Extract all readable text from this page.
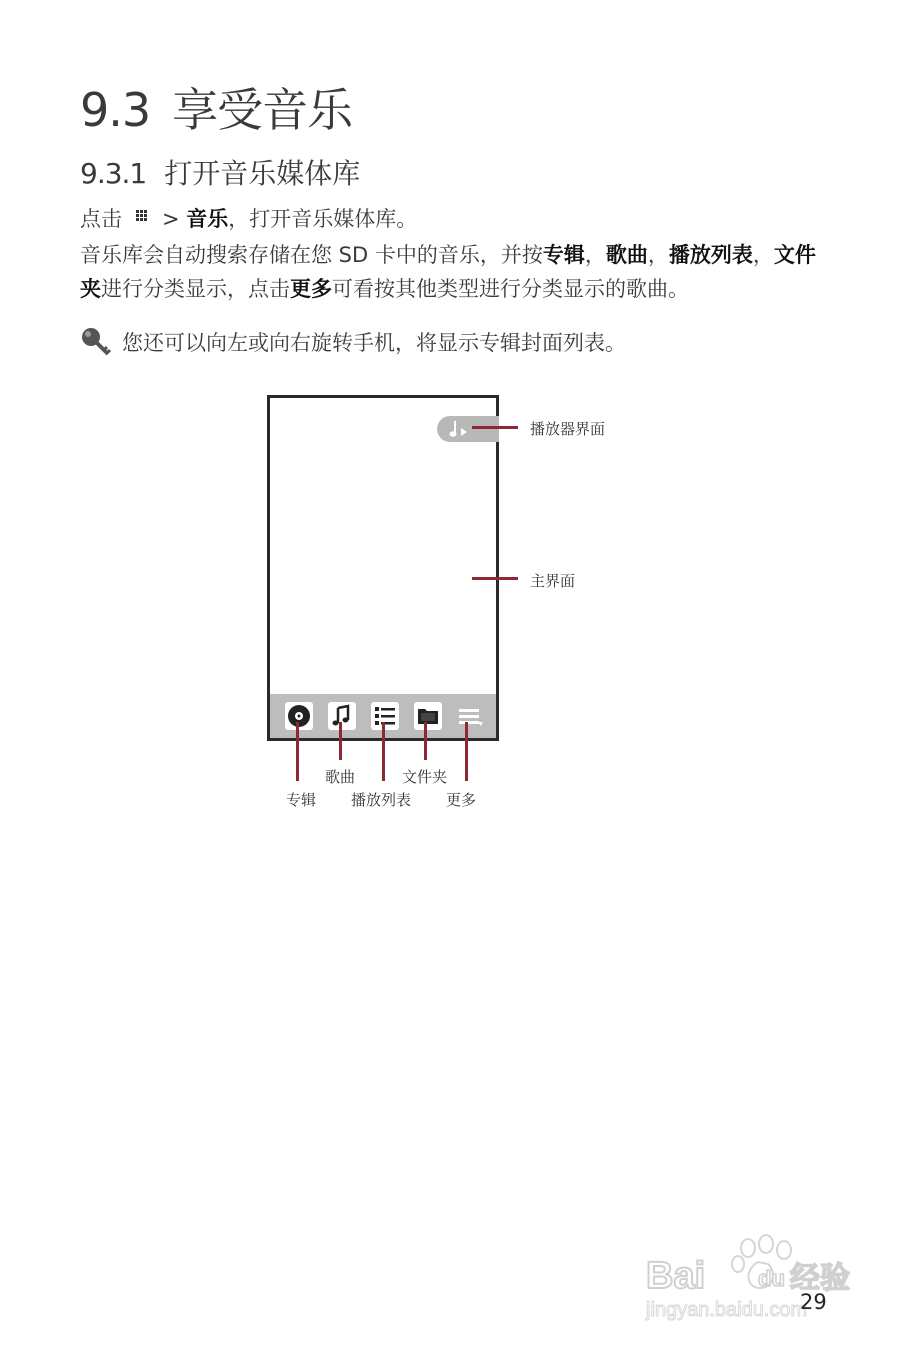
9.3 享受音乐
9.3.1 打开音乐媒体库
点击 > 音乐，打开音乐媒体库。
音乐库会自动搜索存储在您 SD 卡中的音乐，并按专辑，歌曲，播放列表，文件夹进行分类显示，点击更多可看按其他类型进行分类显示的歌曲。
您还可以向左或向右旋转手机，将显示专辑封面列表。
播放器界面
主界面
歌曲	文件夹
专辑 播放列表 更多
Bai du 经验
jingyan.baidu.com
29
